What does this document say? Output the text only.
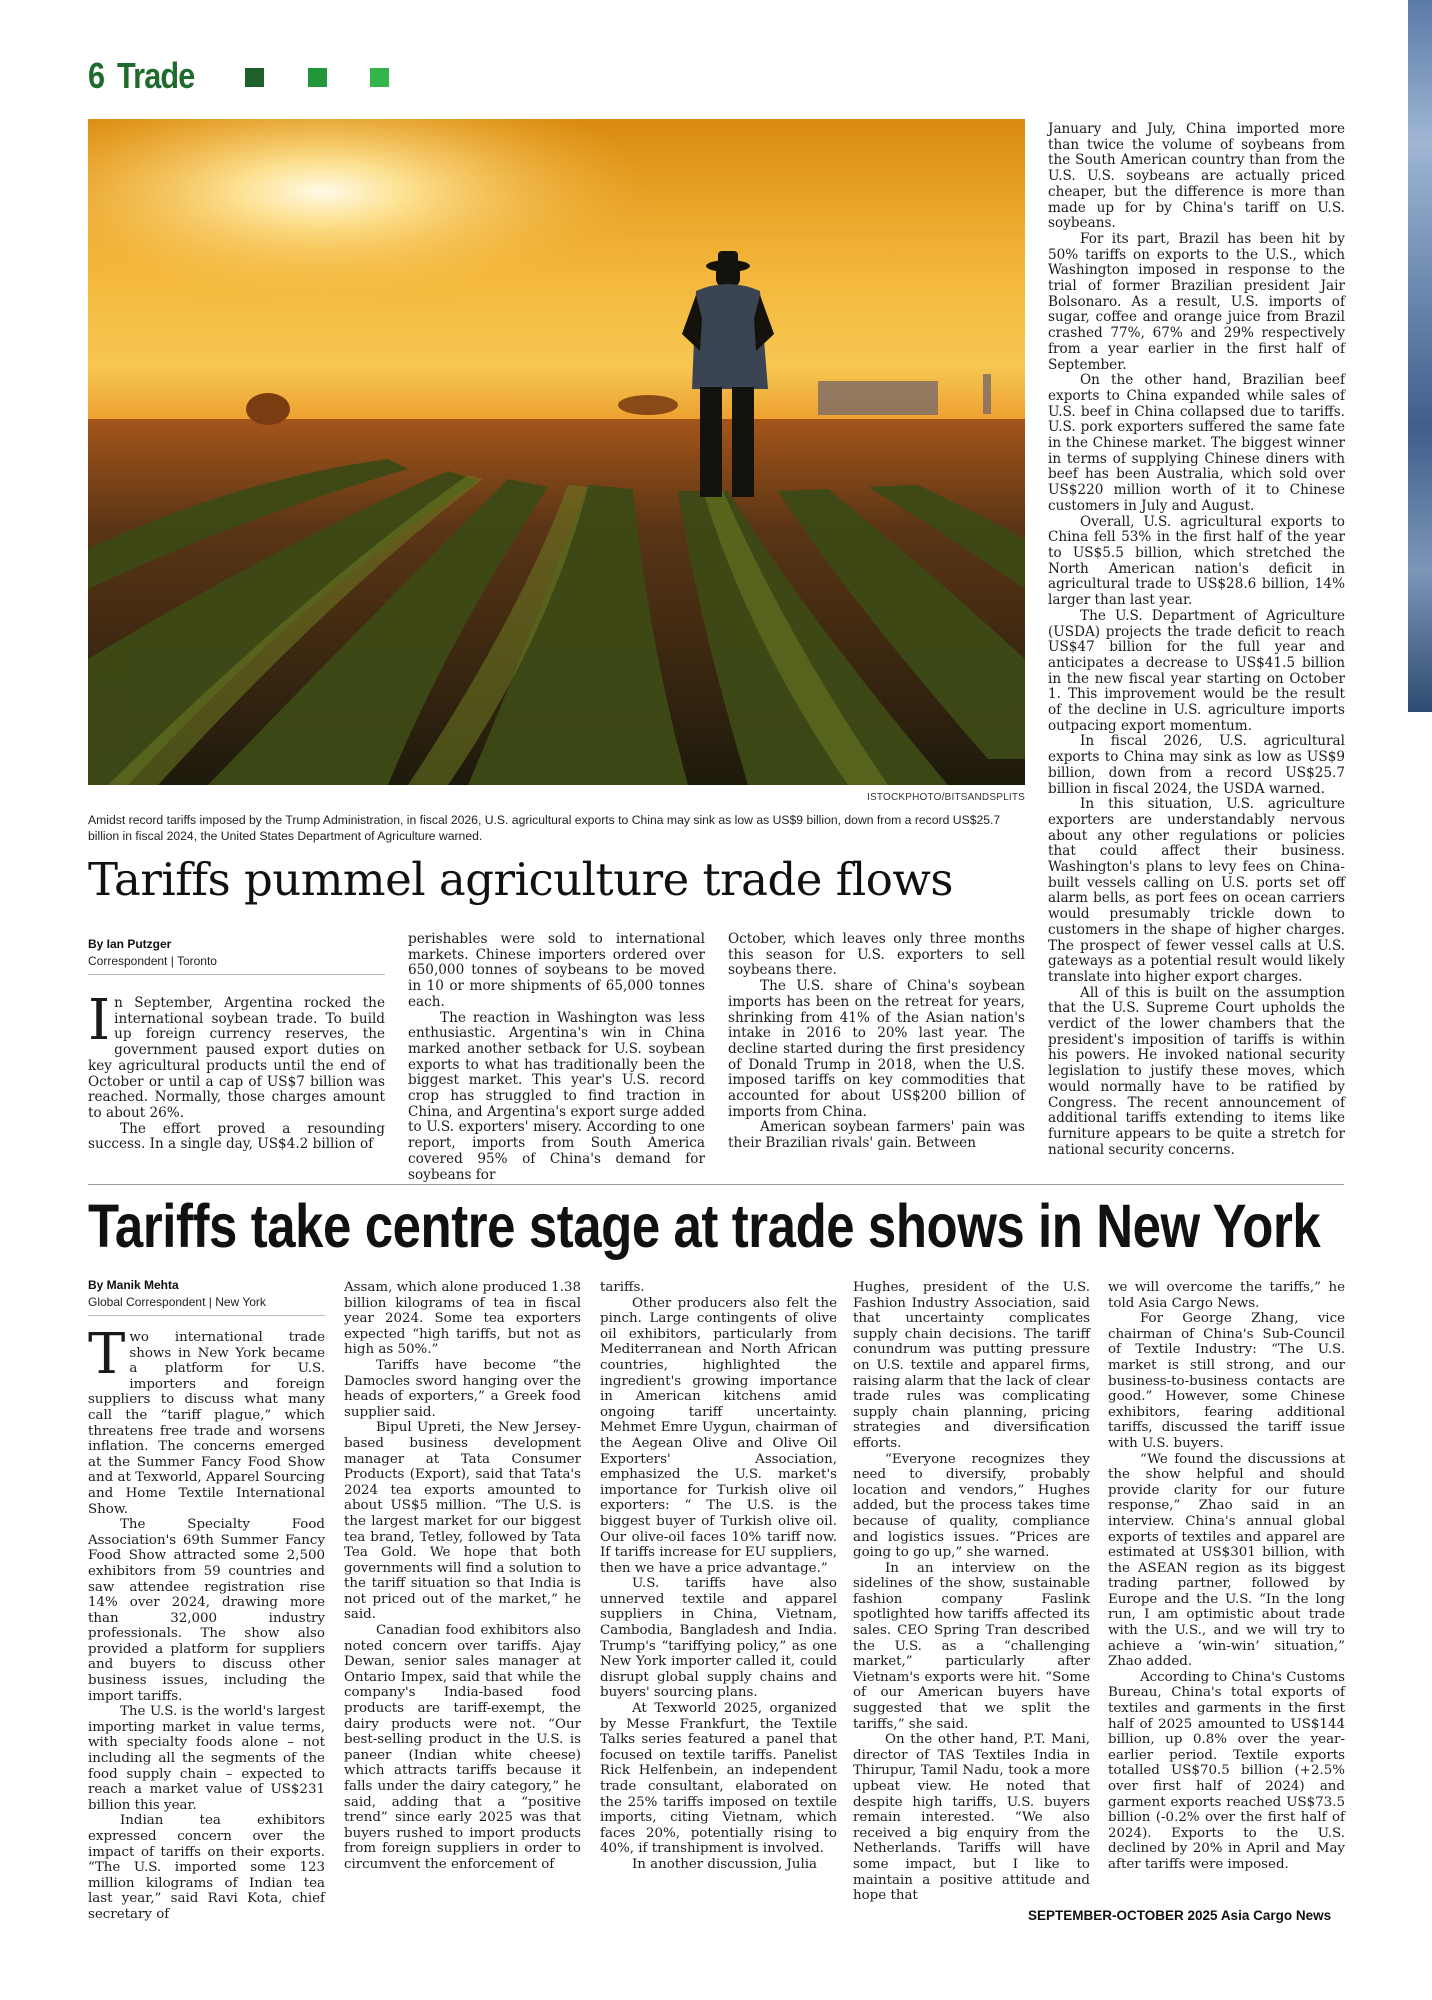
6 Trade
ISTOCKPHOTO/BITSANDSPLITS
Amidst record tariffs imposed by the Trump Administration, in fiscal 2026, U.S. agricultural exports to China may sink as low as US$9 billion, down from a record US$25.7 billion in fiscal 2024, the United States Department of Agriculture warned.
Tariffs pummel agriculture trade flows
By Ian Putzger
Correspondent | Toronto

In September, Argentina rocked the international soybean trade. To build up foreign currency reserves, the government paused export duties on key agricultural products until the end of October or until a cap of US$7 billion was reached. Normally, those charges amount to about 26%.

The effort proved a resounding success. In a single day, US$4.2 billion of

perishables were sold to international markets. Chinese importers ordered over 650,000 tonnes of soybeans to be moved in 10 or more shipments of 65,000 tonnes each.

The reaction in Washington was less enthusiastic. Argentina's win in China marked another setback for U.S. soybean exports to what has traditionally been the biggest market. This year's U.S. record crop has struggled to find traction in China, and Argentina's export surge added to U.S. exporters' misery. According to one report, imports from South America covered 95% of China's demand for soybeans for

October, which leaves only three months this season for U.S. exporters to sell soybeans there.

The U.S. share of China's soybean imports has been on the retreat for years, shrinking from 41% of the Asian nation's intake in 2016 to 20% last year. The decline started during the first presidency of Donald Trump in 2018, when the U.S. imposed tariffs on key commodities that accounted for about US$200 billion of imports from China.

American soybean farmers' pain was their Brazilian rivals' gain. Between

January and July, China imported more than twice the volume of soybeans from the South American country than from the U.S. U.S. soybeans are actually priced cheaper, but the difference is more than made up for by China's tariff on U.S. soybeans.

For its part, Brazil has been hit by 50% tariffs on exports to the U.S., which Washington imposed in response to the trial of former Brazilian president Jair Bolsonaro. As a result, U.S. imports of sugar, coffee and orange juice from Brazil crashed 77%, 67% and 29% respectively from a year earlier in the first half of September.

On the other hand, Brazilian beef exports to China expanded while sales of U.S. beef in China collapsed due to tariffs. U.S. pork exporters suffered the same fate in the Chinese market. The biggest winner in terms of supplying Chinese diners with beef has been Australia, which sold over US$220 million worth of it to Chinese customers in July and August.

Overall, U.S. agricultural exports to China fell 53% in the first half of the year to US$5.5 billion, which stretched the North American nation's deficit in agricultural trade to US$28.6 billion, 14% larger than last year.

The U.S. Department of Agriculture (USDA) projects the trade deficit to reach US$47 billion for the full year and anticipates a decrease to US$41.5 billion in the new fiscal year starting on October 1. This improvement would be the result of the decline in U.S. agriculture imports outpacing export momentum.

In fiscal 2026, U.S. agricultural exports to China may sink as low as US$9 billion, down from a record US$25.7 billion in fiscal 2024, the USDA warned.

In this situation, U.S. agriculture exporters are understandably nervous about any other regulations or policies that could affect their business. Washington's plans to levy fees on China-built vessels calling on U.S. ports set off alarm bells, as port fees on ocean carriers would presumably trickle down to customers in the shape of higher charges. The prospect of fewer vessel calls at U.S. gateways as a potential result would likely translate into higher export charges.

All of this is built on the assumption that the U.S. Supreme Court upholds the verdict of the lower chambers that the president's imposition of tariffs is within his powers. He invoked national security legislation to justify these moves, which would normally have to be ratified by Congress. The recent announcement of additional tariffs extending to items like furniture appears to be quite a stretch for national security concerns.

Tariffs take centre stage at trade shows in New York
By Manik Mehta
Global Correspondent | New York

Two international trade shows in New York became a platform for U.S. importers and foreign suppliers to discuss what many call the “tariff plague,” which threatens free trade and worsens inflation. The concerns emerged at the Summer Fancy Food Show and at Texworld, Apparel Sourcing and Home Textile International Show.

The Specialty Food Association's 69th Summer Fancy Food Show attracted some 2,500 exhibitors from 59 countries and saw attendee registration rise 14% over 2024, drawing more than 32,000 industry professionals. The show also provided a platform for suppliers and buyers to discuss other business issues, including the import tariffs.

The U.S. is the world's largest importing market in value terms, with specialty foods alone – not including all the segments of the food supply chain – expected to reach a market value of US$231 billion this year.

Indian tea exhibitors expressed concern over the impact of tariffs on their exports. “The U.S. imported some 123 million kilograms of Indian tea last year,” said Ravi Kota, chief secretary of

Assam, which alone produced 1.38 billion kilograms of tea in fiscal year 2024. Some tea exporters expected “high tariffs, but not as high as 50%.”

Tariffs have become “the Damocles sword hanging over the heads of exporters,” a Greek food supplier said.

Bipul Upreti, the New Jersey-based business development manager at Tata Consumer Products (Export), said that Tata's 2024 tea exports amounted to about US$5 million. “The U.S. is the largest market for our biggest tea brand, Tetley, followed by Tata Tea Gold. We hope that both governments will find a solution to the tariff situation so that India is not priced out of the market,” he said.

Canadian food exhibitors also noted concern over tariffs. Ajay Dewan, senior sales manager at Ontario Impex, said that while the company's India-based food products are tariff-exempt, the dairy products were not. “Our best-selling product in the U.S. is paneer (Indian white cheese) which attracts tariffs because it falls under the dairy category,” he said, adding that a “positive trend” since early 2025 was that buyers rushed to import products from foreign suppliers in order to circumvent the enforcement of

tariffs.

Other producers also felt the pinch. Large contingents of olive oil exhibitors, particularly from Mediterranean and North African countries, highlighted the ingredient's growing importance in American kitchens amid ongoing tariff uncertainty. Mehmet Emre Uygun, chairman of the Aegean Olive and Olive Oil Exporters' Association, emphasized the U.S. market's importance for Turkish olive oil exporters: “ The U.S. is the biggest buyer of Turkish olive oil. Our olive-oil faces 10% tariff now. If tariffs increase for EU suppliers, then we have a price advantage.”

U.S. tariffs have also unnerved textile and apparel suppliers in China, Vietnam, Cambodia, Bangladesh and India. Trump's “tariffying policy,” as one New York importer called it, could disrupt global supply chains and buyers' sourcing plans.

At Texworld 2025, organized by Messe Frankfurt, the Textile Talks series featured a panel that focused on textile tariffs. Panelist Rick Helfenbein, an independent trade consultant, elaborated on the 25% tariffs imposed on textile imports, citing Vietnam, which faces 20%, potentially rising to 40%, if transhipment is involved.

In another discussion, Julia

Hughes, president of the U.S. Fashion Industry Association, said that uncertainty complicates supply chain decisions. The tariff conundrum was putting pressure on U.S. textile and apparel firms, raising alarm that the lack of clear trade rules was complicating supply chain planning, pricing strategies and diversification efforts.

“Everyone recognizes they need to diversify, probably location and vendors,” Hughes added, but the process takes time because of quality, compliance and logistics issues. “Prices are going to go up,” she warned.

In an interview on the sidelines of the show, sustainable fashion company Faslink spotlighted how tariffs affected its sales. CEO Spring Tran described the U.S. as a “challenging market,” particularly after Vietnam's exports were hit. “Some of our American buyers have suggested that we split the tariffs,” she said.

On the other hand, P.T. Mani, director of TAS Textiles India in Thirupur, Tamil Nadu, took a more upbeat view. He noted that despite high tariffs, U.S. buyers remain interested. “We also received a big enquiry from the Netherlands. Tariffs will have some impact, but I like to maintain a positive attitude and hope that

we will overcome the tariffs,” he told Asia Cargo News.

For George Zhang, vice chairman of China's Sub-Council of Textile Industry: “The U.S. market is still strong, and our business-to-business contacts are good.” However, some Chinese exhibitors, fearing additional tariffs, discussed the tariff issue with U.S. buyers.

“We found the discussions at the show helpful and should provide clarity for our future response,” Zhao said in an interview. China's annual global exports of textiles and apparel are estimated at US$301 billion, with the ASEAN region as its biggest trading partner, followed by Europe and the U.S. “In the long run, I am optimistic about trade with the U.S., and we will try to achieve a ‘win-win’ situation,” Zhao added.

According to China's Customs Bureau, China's total exports of textiles and garments in the first half of 2025 amounted to US$144 billion, up 0.8% over the year-earlier period. Textile exports totalled US$70.5 billion (+2.5% over first half of 2024) and garment exports reached US$73.5 billion (-0.2% over the first half of 2024). Exports to the U.S. declined by 20% in April and May after tariffs were imposed.

SEPTEMBER-OCTOBER 2025 Asia Cargo News
